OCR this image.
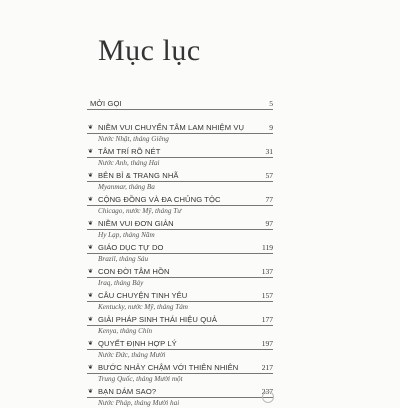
Mục lục
MỞI GỌI	5
❦ NIỀM VUI CHUYỂN TÂM LAM NHIỆM VỤ	9
Nước Nhật, tháng Giêng
❦ TÂM TRÍ RÕ NÉT	31
Nước Anh, tháng Hai
❦ BÊN BỈ & TRANG NHÃ	57
Myanmar, tháng Ba
❦ CỘNG ĐỒNG VÀ ĐA CHỦNG TỘC	77
Chicago, nước Mỹ, tháng Tư
❦ NIỀM VUI ĐƠN GIẢN	97
Hy Lạp, tháng Năm
❦ GIÁO DỤC TỰ DO	119
Brazil, tháng Sáu
❦ CON ĐỜI TÂM HỒN	137
Iraq, tháng Bảy
❦ CÂU CHUYỆN TINH YÊU	157
Kentucky, nước Mỹ, tháng Tám
❦ GIẢI PHÁP SINH THÁI HIỆU QUẢ	177
Kenya, tháng Chín
❦ QUYẾT ĐỊNH HỢP LÝ	197
Nước Đức, tháng Mười
❦ BƯỚC NHẢY CHẬM VỚI THIÊN NHIÊN	217
Trung Quốc, tháng Mười một
❦ BẠN DÁM SAO?	237
Nước Pháp, tháng Mười hai
